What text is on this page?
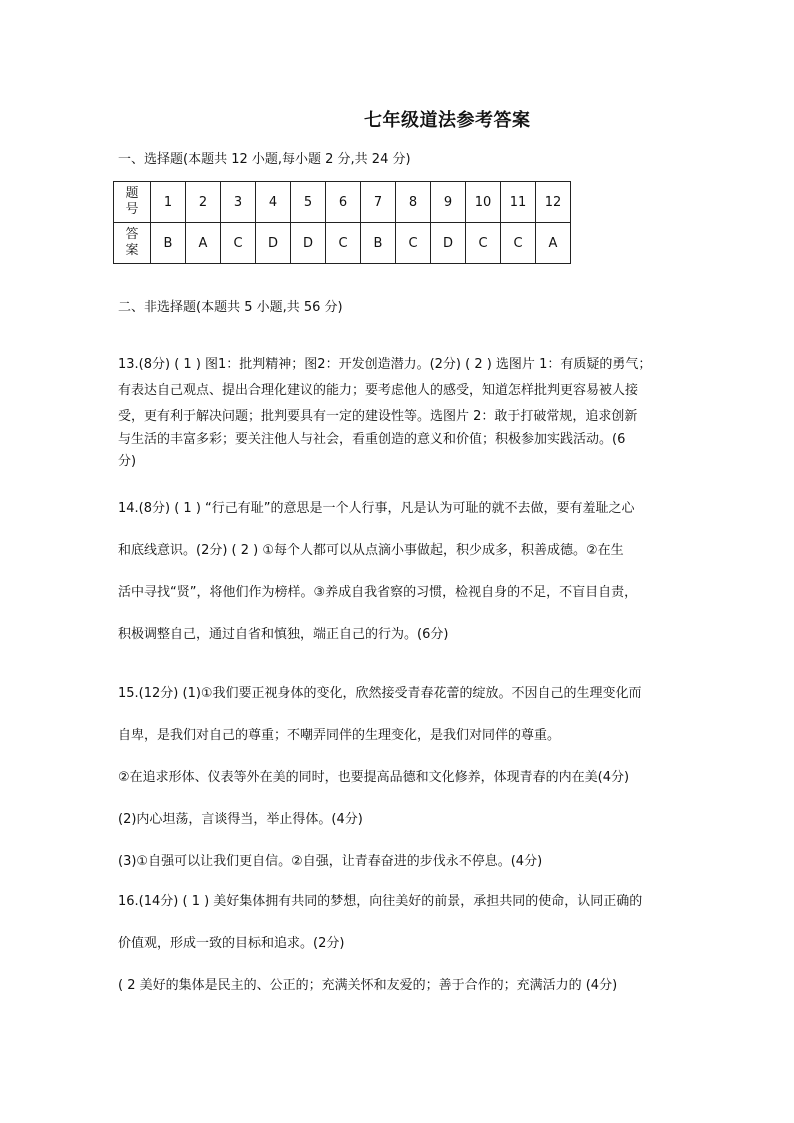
七年级道法参考答案
一、选择题(本题共 12 小题,每小题 2 分,共 24 分)
题
号	1	2	3	4	5	6	7	8	9	10	11	12
答
案	B	A	C	D	D	C	B	C	D	C	C	A
二、非选择题(本题共 5 小题,共 56 分)
13.(8分) ( 1 ) 图1：批判精神；图2：开发创造潜力。(2分) ( 2 ) 选图片 1：有质疑的勇气；
有表达自己观点、提出合理化建议的能力；要考虑他人的感受，知道怎样批判更容易被人接
受，更有利于解决问题；批判要具有一定的建设性等。选图片 2：敢于打破常规，追求创新
与生活的丰富多彩；要关注他人与社会，看重创造的意义和价值；积极参加实践活动。(6
分)
14.(8分) ( 1 ) “行己有耻”的意思是一个人行事，凡是认为可耻的就不去做，要有羞耻之心
和底线意识。(2分) ( 2 ) ①每个人都可以从点滴小事做起，积少成多，积善成德。②在生
活中寻找“贤”，将他们作为榜样。③养成自我省察的习惯，检视自身的不足，不盲目自责，
积极调整自己，通过自省和慎独，端正自己的行为。(6分)
15.(12分) (1)①我们要正视身体的变化，欣然接受青春花蕾的绽放。不因自己的生理变化而
自卑，是我们对自己的尊重；不嘲弄同伴的生理变化，是我们对同伴的尊重。
②在追求形体、仪表等外在美的同时，也要提高品德和文化修养，体现青春的内在美(4分)
(2)内心坦荡，言谈得当，举止得体。(4分)
(3)①自强可以让我们更自信。②自强，让青春奋进的步伐永不停息。(4分)
16.(14分) ( 1 ) 美好集体拥有共同的梦想，向往美好的前景，承担共同的使命，认同正确的
价值观，形成一致的目标和追求。(2分)
( 2 美好的集体是民主的、公正的；充满关怀和友爱的；善于合作的；充满活力的 (4分)
